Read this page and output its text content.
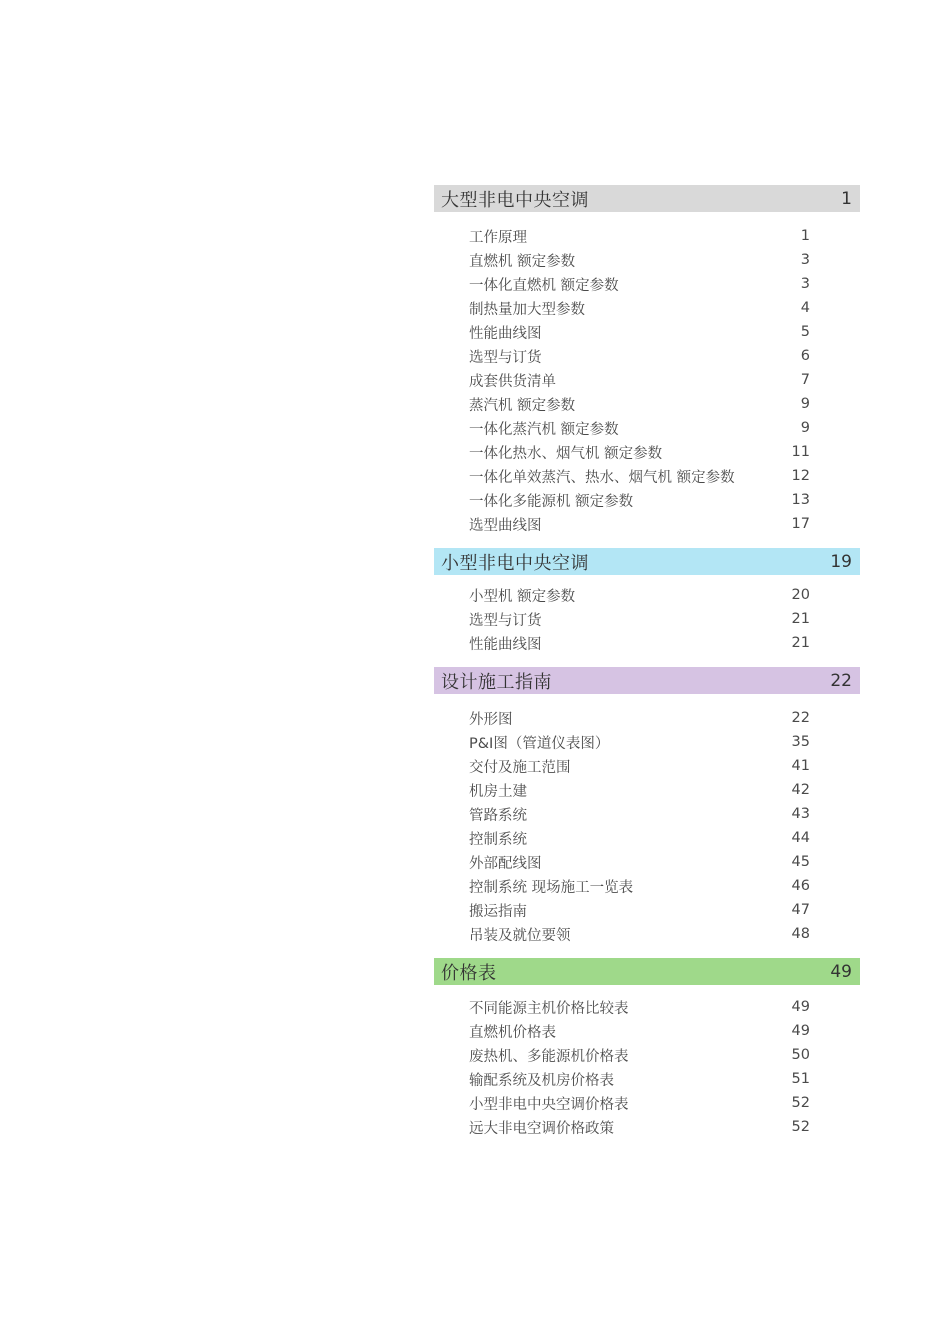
大型非电中央空调	1
工作原理	1
直燃机 额定参数	3
一体化直燃机 额定参数	3
制热量加大型参数	4
性能曲线图	5
选型与订货	6
成套供货清单	7
蒸汽机 额定参数	9
一体化蒸汽机 额定参数	9
一体化热水、烟气机 额定参数	11
一体化单效蒸汽、热水、烟气机 额定参数	12
一体化多能源机 额定参数	13
选型曲线图	17
小型非电中央空调	19
小型机 额定参数	20
选型与订货	21
性能曲线图	21
设计施工指南	22
外形图	22
P&I图（管道仪表图）	35
交付及施工范围	41
机房土建	42
管路系统	43
控制系统	44
外部配线图	45
控制系统 现场施工一览表	46
搬运指南	47
吊装及就位要领	48
价格表	49
不同能源主机价格比较表	49
直燃机价格表	49
废热机、多能源机价格表	50
输配系统及机房价格表	51
小型非电中央空调价格表	52
远大非电空调价格政策	52
